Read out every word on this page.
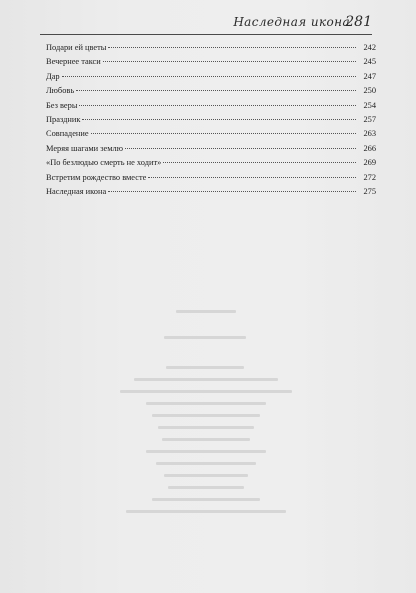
Наследная икона
281
Подари ей цветы	242
Вечернее такси	245
Дар	247
Любовь	250
Без веры	254
Праздник	257
Совпадение	263
Меряя шагами землю	266
«По безлюдью смерть не ходит»	269
Встретим рождество вместе	272
Наследная икона	275
